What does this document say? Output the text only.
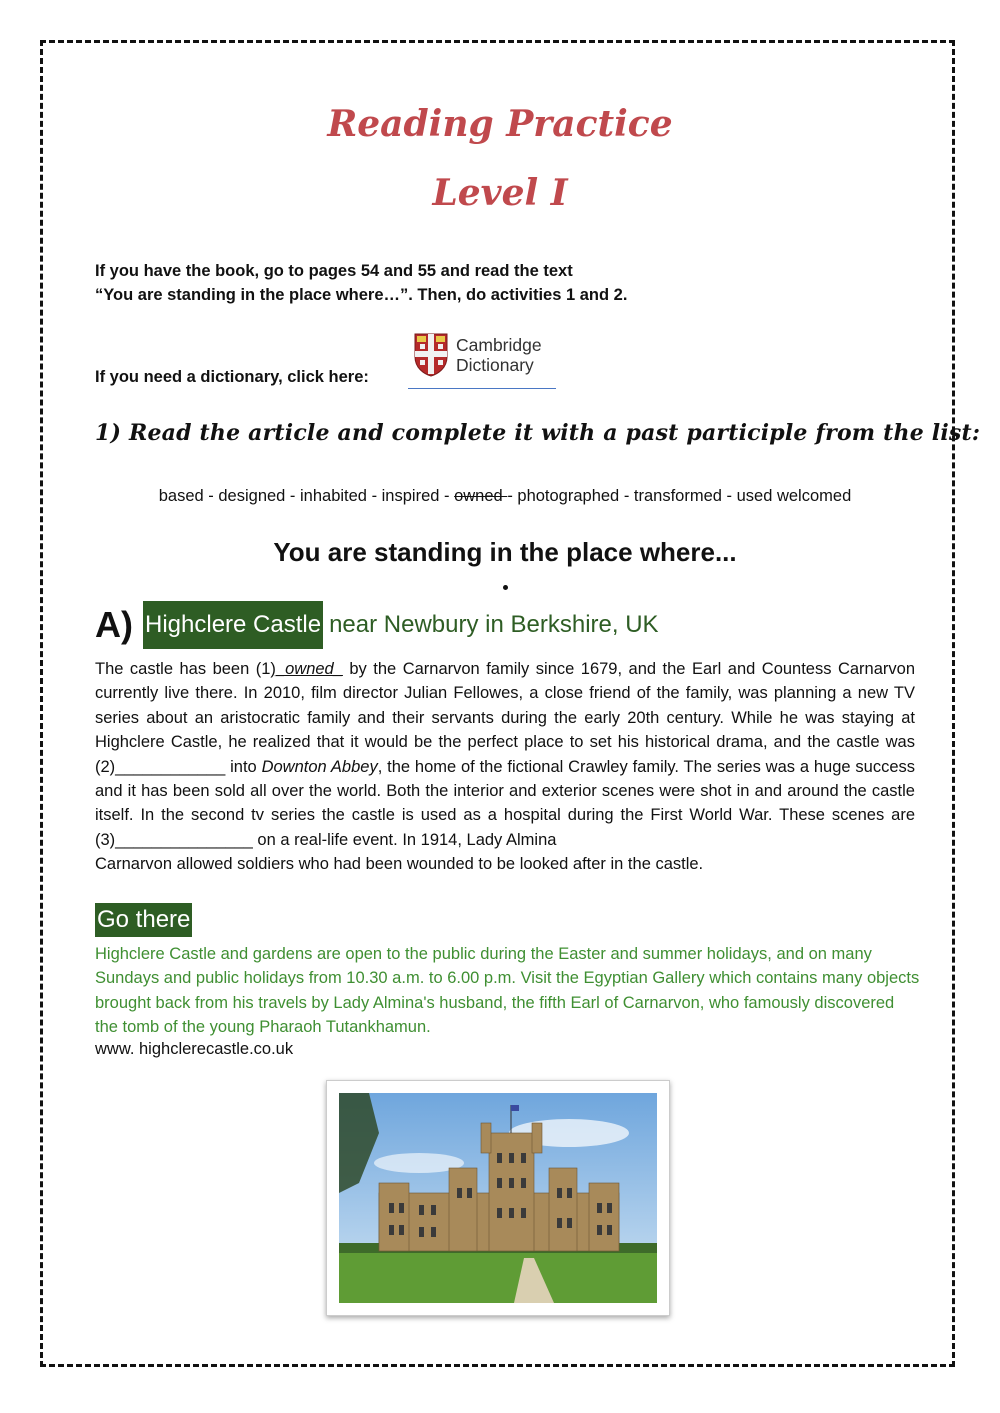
Reading Practice
Level I
If you have the book, go to pages 54 and 55 and read the text
“You are standing in the place where…”. Then, do activities 1 and 2.
If you need a dictionary, click here:
Cambridge
Dictionary
1) Read the article and complete it with a past participle from the list:
based - designed - inhabited - inspired - owned - photographed - transformed - used welcomed
You are standing in the place where...
A) Highclere Castle near Newbury in Berkshire, UK
The castle has been (1)_owned_ by the Carnarvon family since 1679, and the Earl and Countess Carnarvon currently live there. In 2010, film director Julian Fellowes, a close friend of the family, was planning a new TV series about an aristocratic family and their servants during the early 20th century. While he was staying at Highclere Castle, he realized that it would be the perfect place to set his historical drama, and the castle was (2)____________ into Downton Abbey, the home of the fictional Crawley family. The series was a huge success and it has been sold all over the world. Both the interior and exterior scenes were shot in and around the castle itself. In the second tv series the castle is used as a hospital during the First World War. These scenes are (3)_______________ on a real-life event. In 1914, Lady Almina
Carnarvon allowed soldiers who had been wounded to be looked after in the castle.
Go there
Highclere Castle and gardens are open to the public during the Easter and summer holidays, and on many Sundays and public holidays from 10.30 a.m. to 6.00 p.m. Visit the Egyptian Gallery which contains many objects brought back from his travels by Lady Almina's husband, the fifth Earl of Carnarvon, who famously discovered the tomb of the young Pharaoh Tutankhamun.
www. highclerecastle.co.uk
